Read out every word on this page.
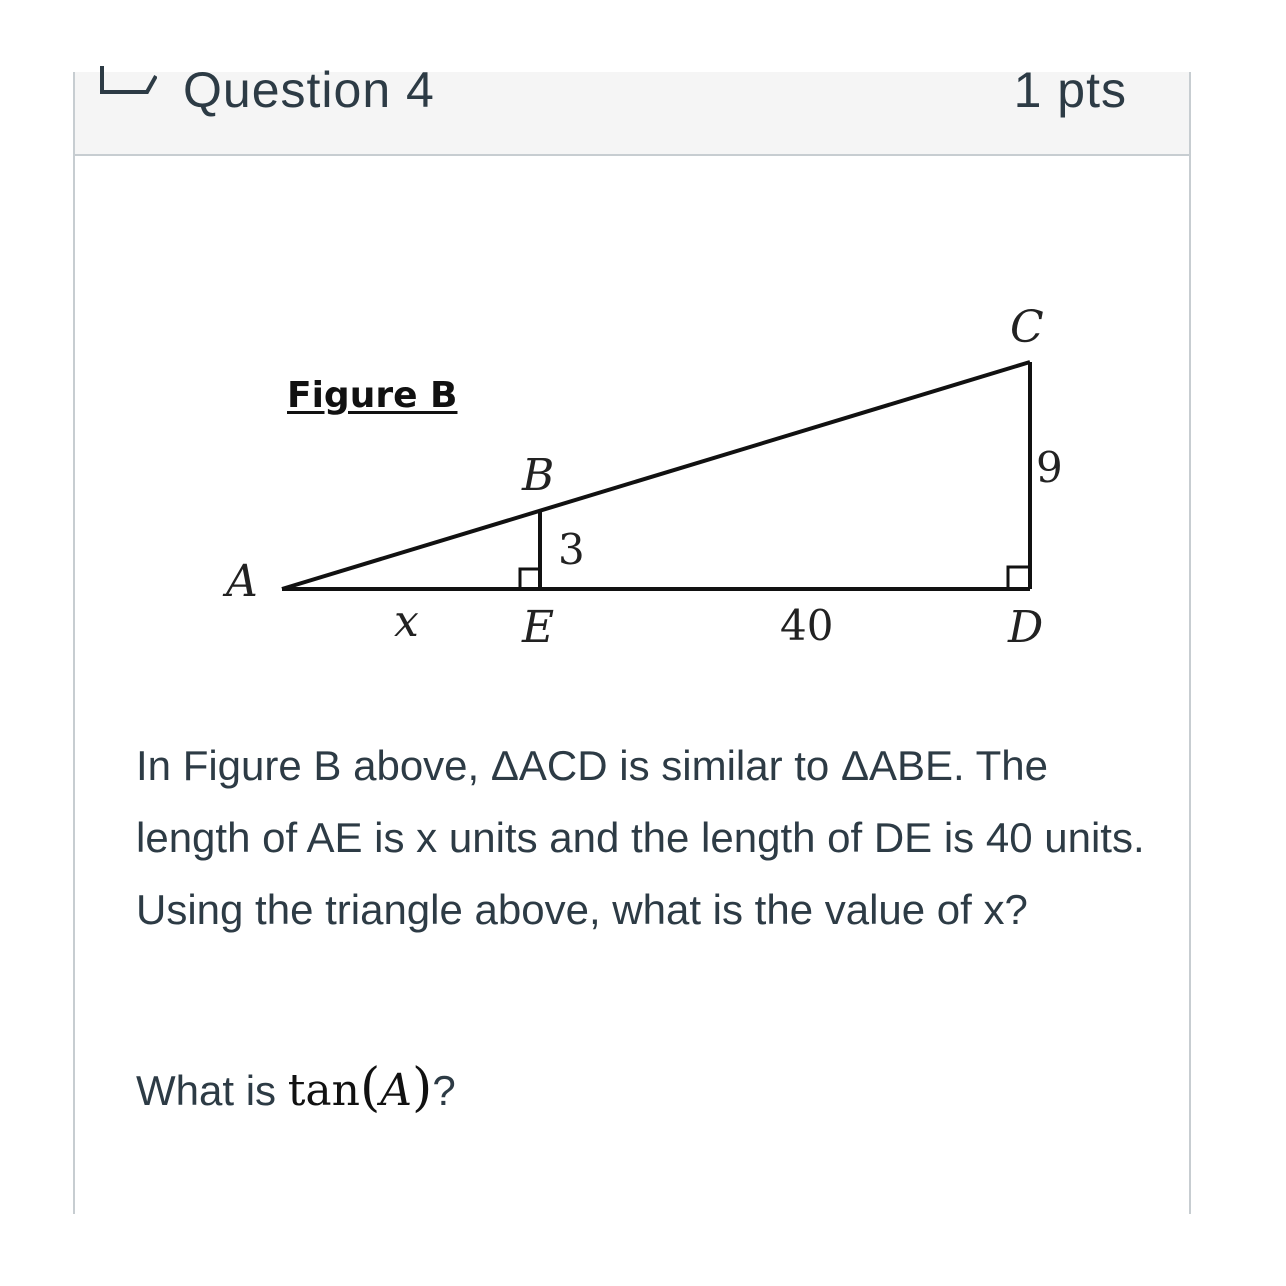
Question 4	1 pts
Figure B
A
B
C
D
E
x
3
9
40

In Figure B above, ΔACD is similar to ΔABE. The length of AE is x units and the length of DE is 40 units. Using the triangle above, what is the value of x?

What is tan(A)?
